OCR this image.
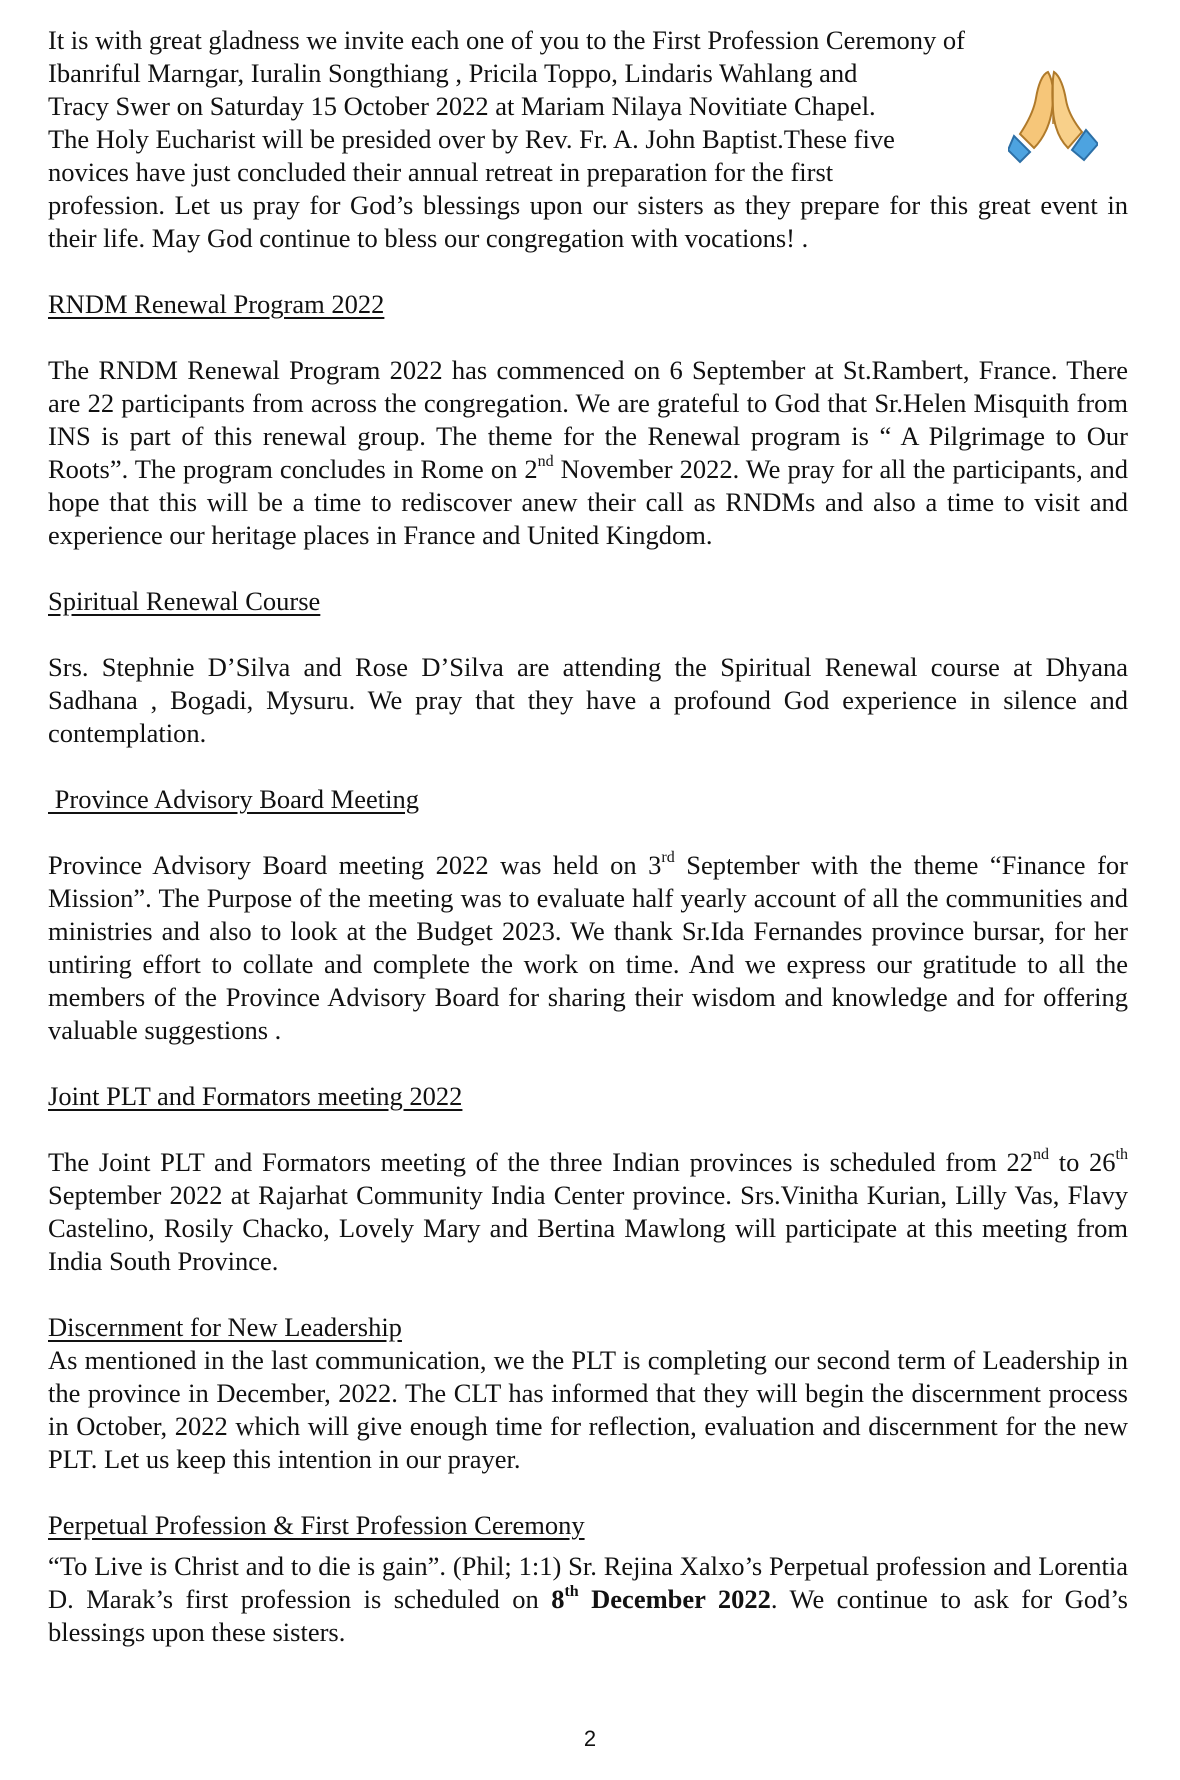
It is with great gladness we invite each one of you to the First Profession Ceremony of

Ibanriful Marngar, Iuralin Songthiang , Pricila Toppo, Lindaris Wahlang and

Tracy Swer on Saturday 15 October 2022 at Mariam Nilaya Novitiate Chapel.

The Holy Eucharist will be presided over by Rev. Fr. A. John Baptist.These five

novices have just concluded their annual retreat in preparation for the first

profession. Let us pray for God’s blessings upon our sisters as they prepare for this great event in their life. May God continue to bless our congregation with vocations! .

RNDM Renewal Program 2022

The RNDM Renewal Program 2022 has commenced on 6 September at St.Rambert, France. There are 22 participants from across the congregation. We are grateful to God that Sr.Helen Misquith from INS is part of this renewal group. The theme for the Renewal program is “ A Pilgrimage to Our Roots”. The program concludes in Rome on 2nd November 2022. We pray for all the participants, and hope that this will be a time to rediscover anew their call as RNDMs and also a time to visit and experience our heritage places in France and United Kingdom.

Spiritual Renewal Course

Srs. Stephnie D’Silva and Rose D’Silva are attending the Spiritual Renewal course at Dhyana Sadhana , Bogadi, Mysuru. We pray that they have a profound God experience in silence and contemplation.

Province Advisory Board Meeting

Province Advisory Board meeting 2022 was held on 3rd September with the theme “Finance for Mission”. The Purpose of the meeting was to evaluate half yearly account of all the communities and ministries and also to look at the Budget 2023. We thank Sr.Ida Fernandes province bursar, for her untiring effort to collate and complete the work on time. And we express our gratitude to all the members of the Province Advisory Board for sharing their wisdom and knowledge and for offering valuable suggestions .

Joint PLT and Formators meeting 2022

The Joint PLT and Formators meeting of the three Indian provinces is scheduled from 22nd to 26th September 2022 at Rajarhat Community India Center province. Srs.Vinitha Kurian, Lilly Vas, Flavy Castelino, Rosily Chacko, Lovely Mary and Bertina Mawlong will participate at this meeting from India South Province.

Discernment for New Leadership

As mentioned in the last communication, we the PLT is completing our second term of Leadership in the province in December, 2022. The CLT has informed that they will begin the discernment process in October, 2022 which will give enough time for reflection, evaluation and discernment for the new PLT. Let us keep this intention in our prayer.

Perpetual Profession & First Profession Ceremony

“To Live is Christ and to die is gain”. (Phil; 1:1) Sr. Rejina Xalxo’s Perpetual profession and Lorentia D. Marak’s first profession is scheduled on 8th December 2022. We continue to ask for God’s blessings upon these sisters.

2
